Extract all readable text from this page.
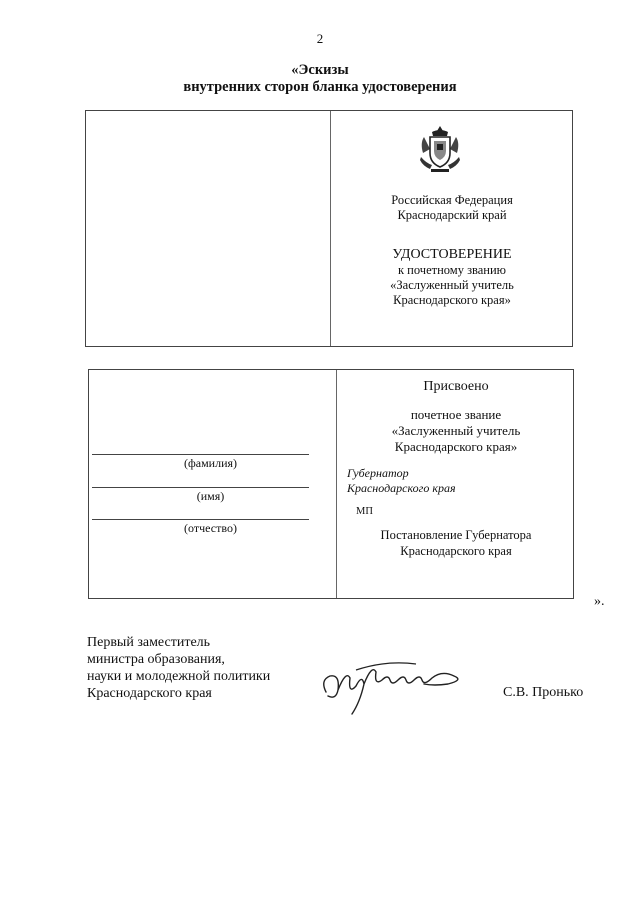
2
«Эскизы
внутренних сторон бланка удостоверения
Российская Федерация
Краснодарский край
УДОСТОВЕРЕНИЕ
к почетному званию
«Заслуженный учитель
Краснодарского края»
(фамилия)
(имя)
(отчество)
Присвоено
почетное звание
«Заслуженный учитель
Краснодарского края»
Губернатор
Краснодарского края
МП
Постановление Губернатора
Краснодарского края
».
Первый заместитель
министра образования,
науки и молодежной политики
Краснодарского края	С.В. Пронько
